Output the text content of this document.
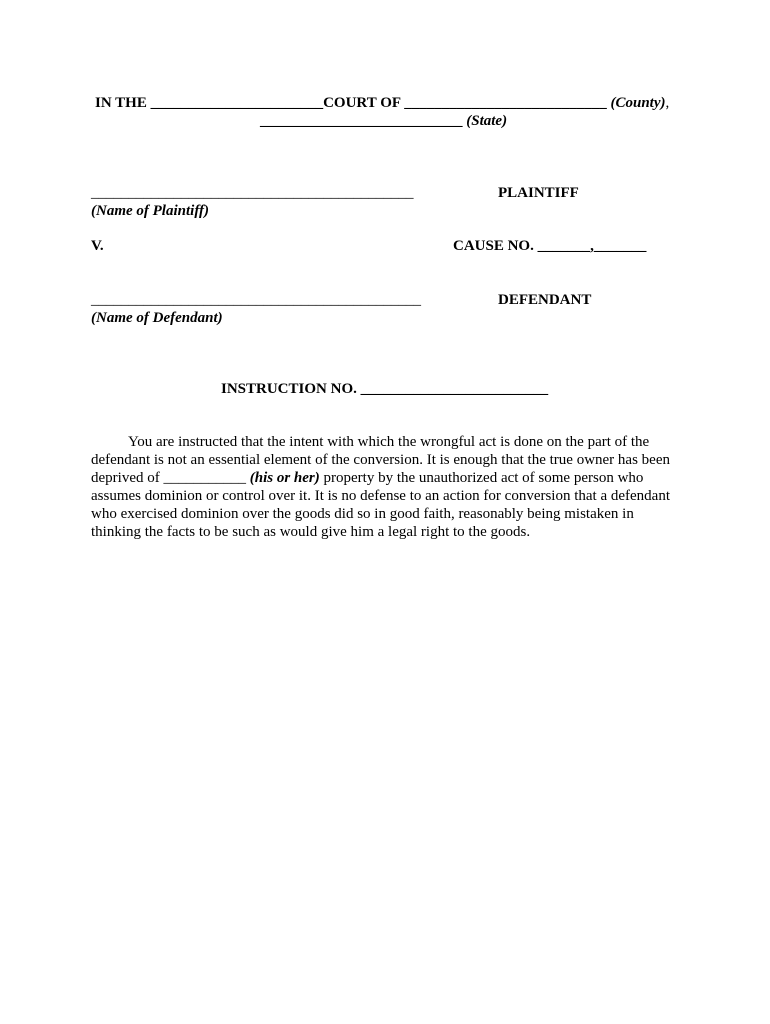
IN THE _______________________COURT OF ___________________________ (County),
___________________________ (State)
___________________________________________	PLAINTIFF
(Name of Plaintiff)
V.	CAUSE NO. _______,_______
____________________________________________	DEFENDANT
(Name of Defendant)
INSTRUCTION NO. _________________________
You are instructed that the intent with which the wrongful act is done on the part of the
defendant is not an essential element of the conversion. It is enough that the true owner has been
deprived of ___________ (his or her) property by the unauthorized act of some person who
assumes dominion or control over it. It is no defense to an action for conversion that a defendant
who exercised dominion over the goods did so in good faith, reasonably being mistaken in
thinking the facts to be such as would give him a legal right to the goods.
